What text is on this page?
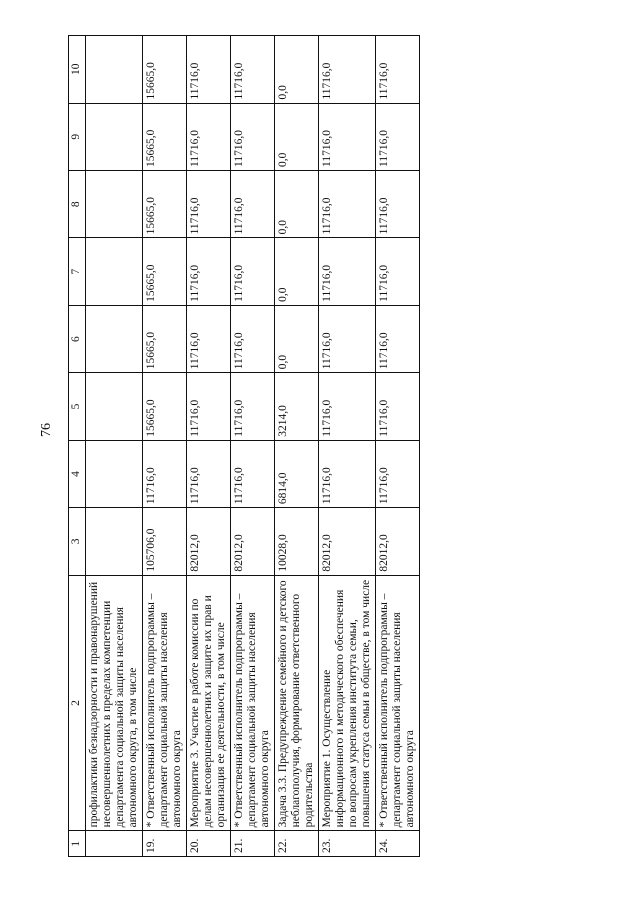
76
1	2	3	4	5	6	7	8	9	10
	профилактики безнадзорности и правонарушений несовершеннолетних в пределах компетенции департамента социальной защиты населения автономного округа, в том числе								
19.	* Ответственный исполнитель подпрограммы – департамент социальной защиты населения автономного округа	105706,0	11716,0	15665,0	15665,0	15665,0	15665,0	15665,0	15665,0
20.	Мероприятие 3. Участие в работе комиссии по делам несовершеннолетних и защите их прав и организация ее деятельности, в том числе	82012,0	11716,0	11716,0	11716,0	11716,0	11716,0	11716,0	11716,0
21.	* Ответственный исполнитель подпрограммы – департамент социальной защиты населения автономного округа	82012,0	11716,0	11716,0	11716,0	11716,0	11716,0	11716,0	11716,0
22.	Задача 3.3. Предупреждение семейного и детского неблагополучия, формирование ответственного родительства	10028,0	6814,0	3214,0	0,0	0,0	0,0	0,0	0,0
23.	Мероприятие 1. Осуществление информационного и методического обеспечения по вопросам укрепления института семьи, повышения статуса семьи в обществе, в том числе	82012,0	11716,0	11716,0	11716,0	11716,0	11716,0	11716,0	11716,0
24.	* Ответственный исполнитель подпрограммы – департамент социальной защиты населения автономного округа	82012,0	11716,0	11716,0	11716,0	11716,0	11716,0	11716,0	11716,0
